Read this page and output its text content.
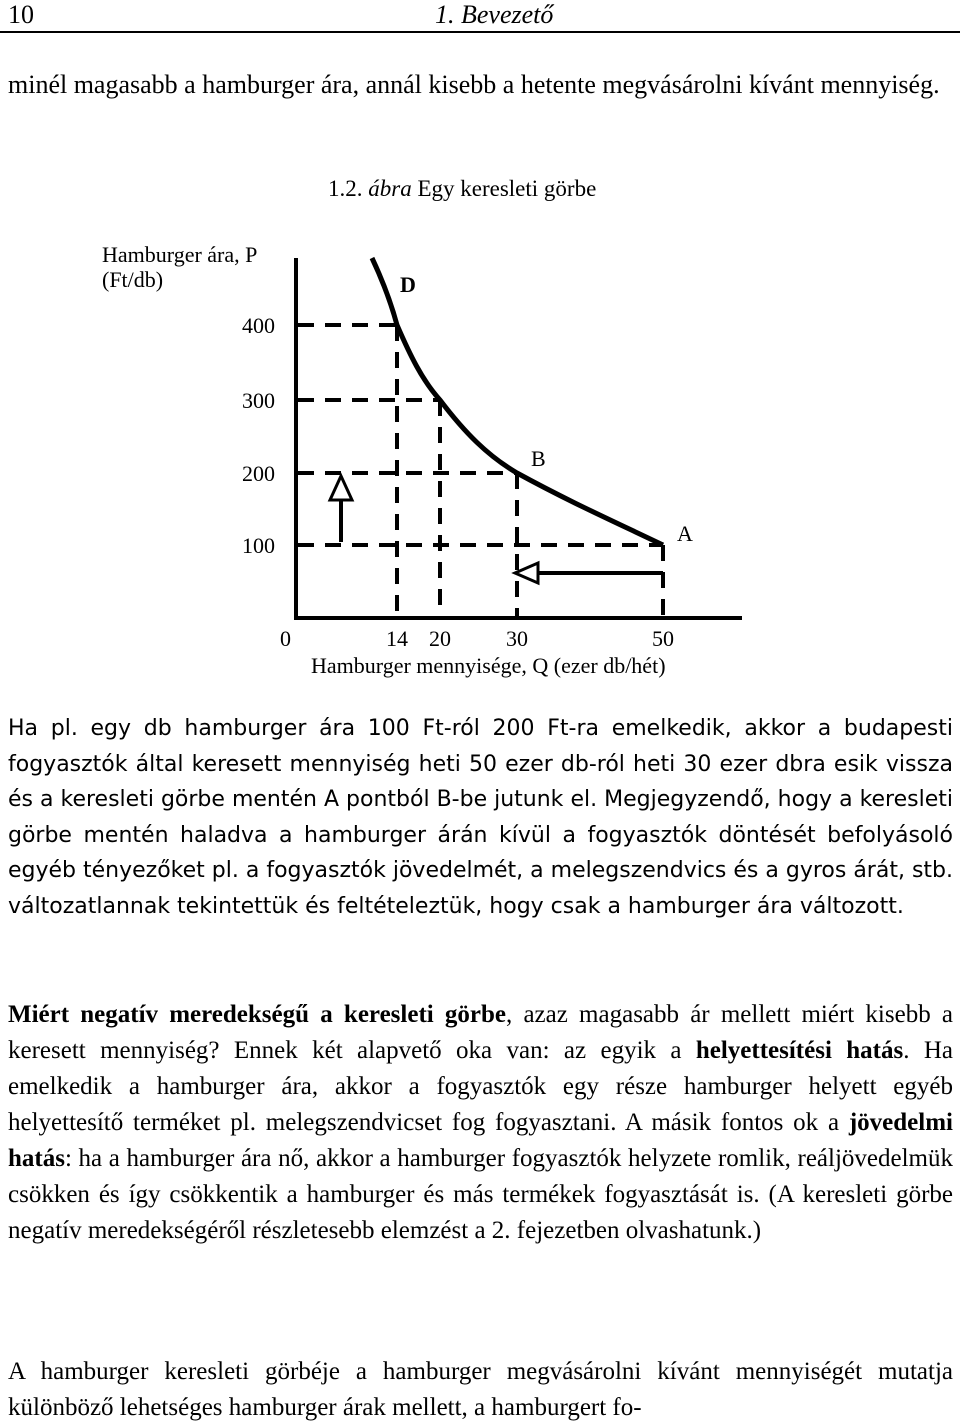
10	1. Bevezető
minél magasabb a hamburger ára, annál kisebb a hetente megvásárolni kívánt mennyiség.
1.2. ábra Egy keresleti görbe
Hamburger ára, P
(Ft/db)
400
300
200
100
14 20	30	50
D
B
A
0
Hamburger mennyisége, Q (ezer db/hét)
Ha pl. egy db hamburger ára 100 Ft-ról 200 Ft-ra emelkedik, akkor a budapesti fogyasztók által keresett mennyiség heti 50 ezer db-ról heti 30 ezer dbra esik vissza és a keresleti görbe mentén A pontból B-be jutunk el. Megjegyzendő, hogy a keresleti görbe mentén haladva a hamburger árán kívül a fogyasztók döntését befolyásoló egyéb tényezőket pl. a fogyasztók jövedelmét, a melegszendvics és a gyros árát, stb. változatlannak tekintettük és feltételeztük, hogy csak a hamburger ára változott.
Miért negatív meredekségű a keresleti görbe, azaz magasabb ár mellett miért kisebb a keresett mennyiség? Ennek két alapvető oka van: az egyik a helyettesítési hatás. Ha emelkedik a hamburger ára, akkor a fogyasztók egy része hamburger helyett egyéb helyettesítő terméket pl. melegszendvicset fog fogyasztani. A másik fontos ok a jövedelmi hatás: ha a hamburger ára nő, akkor a hamburger fogyasztók helyzete romlik, reáljövedelmük csökken és így csökkentik a hamburger és más termékek fogyasztását is. (A keresleti görbe negatív meredekségéről részletesebb elemzést a 2. fejezetben olvashatunk.)
A hamburger keresleti görbéje a hamburger megvásárolni kívánt mennyiségét mutatja különböző lehetséges hamburger árak mellett, a hamburgert fo-
